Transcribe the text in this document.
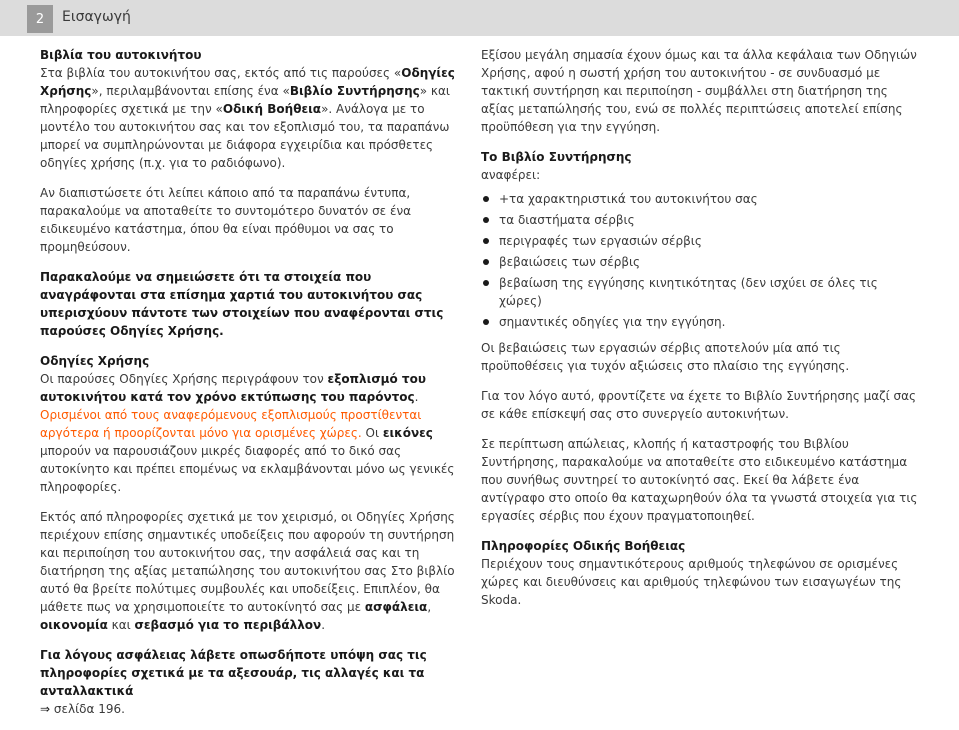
2	Εισαγωγή
Βιβλία του αυτοκινήτου

Στα βιβλία του αυτοκινήτου σας, εκτός από τις παρούσες «Οδηγίες Χρήσης», περιλαμβάνονται επίσης ένα «Βιβλίο Συντήρησης» και πληροφορίες σχετικά με την «Οδική Βοήθεια». Ανάλογα με το μοντέλο του αυτοκινήτου σας και τον εξοπλισμό του, τα παραπάνω μπορεί να συμπληρώνονται με διάφορα εγχειρίδια και πρόσθετες οδηγίες χρήσης (π.χ. για το ραδιόφωνο).

Αν διαπιστώσετε ότι λείπει κάποιο από τα παραπάνω έντυπα, παρακαλούμε να αποταθείτε το συντομότερο δυνατόν σε ένα ειδικευμένο κατάστημα, όπου θα είναι πρόθυμοι να σας το προμηθεύσουν.

Παρακαλούμε να σημειώσετε ότι τα στοιχεία που αναγράφονται στα επίσημα χαρτιά του αυτοκινήτου σας υπερισχύουν πάντοτε των στοιχείων που αναφέρονται στις παρούσες Οδηγίες Χρήσης.

Οδηγίες Χρήσης

Οι παρούσες Οδηγίες Χρήσης περιγράφουν τον εξοπλισμό του αυτοκινήτου κατά τον χρόνο εκτύπωσης του παρόντος. Ορισμένοι από τους αναφερόμενους εξοπλισμούς προστίθενται αργότερα ή προορίζονται μόνο για ορισμένες χώρες. Οι εικόνες μπορούν να παρουσιάζουν μικρές διαφορές από το δικό σας αυτοκίνητο και πρέπει επομένως να εκλαμβάνονται μόνο ως γενικές πληροφορίες.

Εκτός από πληροφορίες σχετικά με τον χειρισμό, οι Οδηγίες Χρήσης περιέχουν επίσης σημαντικές υποδείξεις που αφορούν τη συντήρηση και περιποίηση του αυτοκινήτου σας, την ασφάλειά σας και τη διατήρηση της αξίας μεταπώλησης του αυτοκινήτου σας Στο βιβλίο αυτό θα βρείτε πολύτιμες συμβουλές και υποδείξεις. Επιπλέον, θα μάθετε πως να χρησιμοποιείτε το αυτοκίνητό σας με ασφάλεια, οικονομία και σεβασμό για το περιβάλλον.

Για λόγους ασφάλειας λάβετε οπωσδήποτε υπόψη σας τις πληροφορίες σχετικά με τα αξεσουάρ, τις αλλαγές και τα ανταλλακτικά
⇒ σελίδα 196.

Εξίσου μεγάλη σημασία έχουν όμως και τα άλλα κεφάλαια των Οδηγιών Χρήσης, αφού η σωστή χρήση του αυτοκινήτου - σε συνδυασμό με τακτική συντήρηση και περιποίηση - συμβάλλει στη διατήρηση της αξίας μεταπώλησής του, ενώ σε πολλές περιπτώσεις αποτελεί επίσης προϋπόθεση για την εγγύηση.

Το Βιβλίο Συντήρησης

αναφέρει:

+τα χαρακτηριστικά του αυτοκινήτου σας
τα διαστήματα σέρβις
περιγραφές των εργασιών σέρβις
βεβαιώσεις των σέρβις
βεβαίωση της εγγύησης κινητικότητας (δεν ισχύει σε όλες τις χώρες)
σημαντικές οδηγίες για την εγγύηση.

Οι βεβαιώσεις των εργασιών σέρβις αποτελούν μία από τις προϋποθέσεις για τυχόν αξιώσεις στο πλαίσιο της εγγύησης.

Για τον λόγο αυτό, φροντίζετε να έχετε το Βιβλίο Συντήρησης μαζί σας σε κάθε επίσκεψή σας στο συνεργείο αυτοκινήτων.

Σε περίπτωση απώλειας, κλοπής ή καταστροφής του Βιβλίου Συντήρησης, παρακαλούμε να αποταθείτε στο ειδικευμένο κατάστημα που συνήθως συντηρεί το αυτοκίνητό σας. Εκεί θα λάβετε ένα αντίγραφο στο οποίο θα καταχωρηθούν όλα τα γνωστά στοιχεία για τις εργασίες σέρβις που έχουν πραγματοποιηθεί.

Πληροφορίες Οδικής Βοήθειας

Περιέχουν τους σημαντικότερους αριθμούς τηλεφώνου σε ορισμένες χώρες και διευθύνσεις και αριθμούς τηλεφώνου των εισαγωγέων της Skoda.
